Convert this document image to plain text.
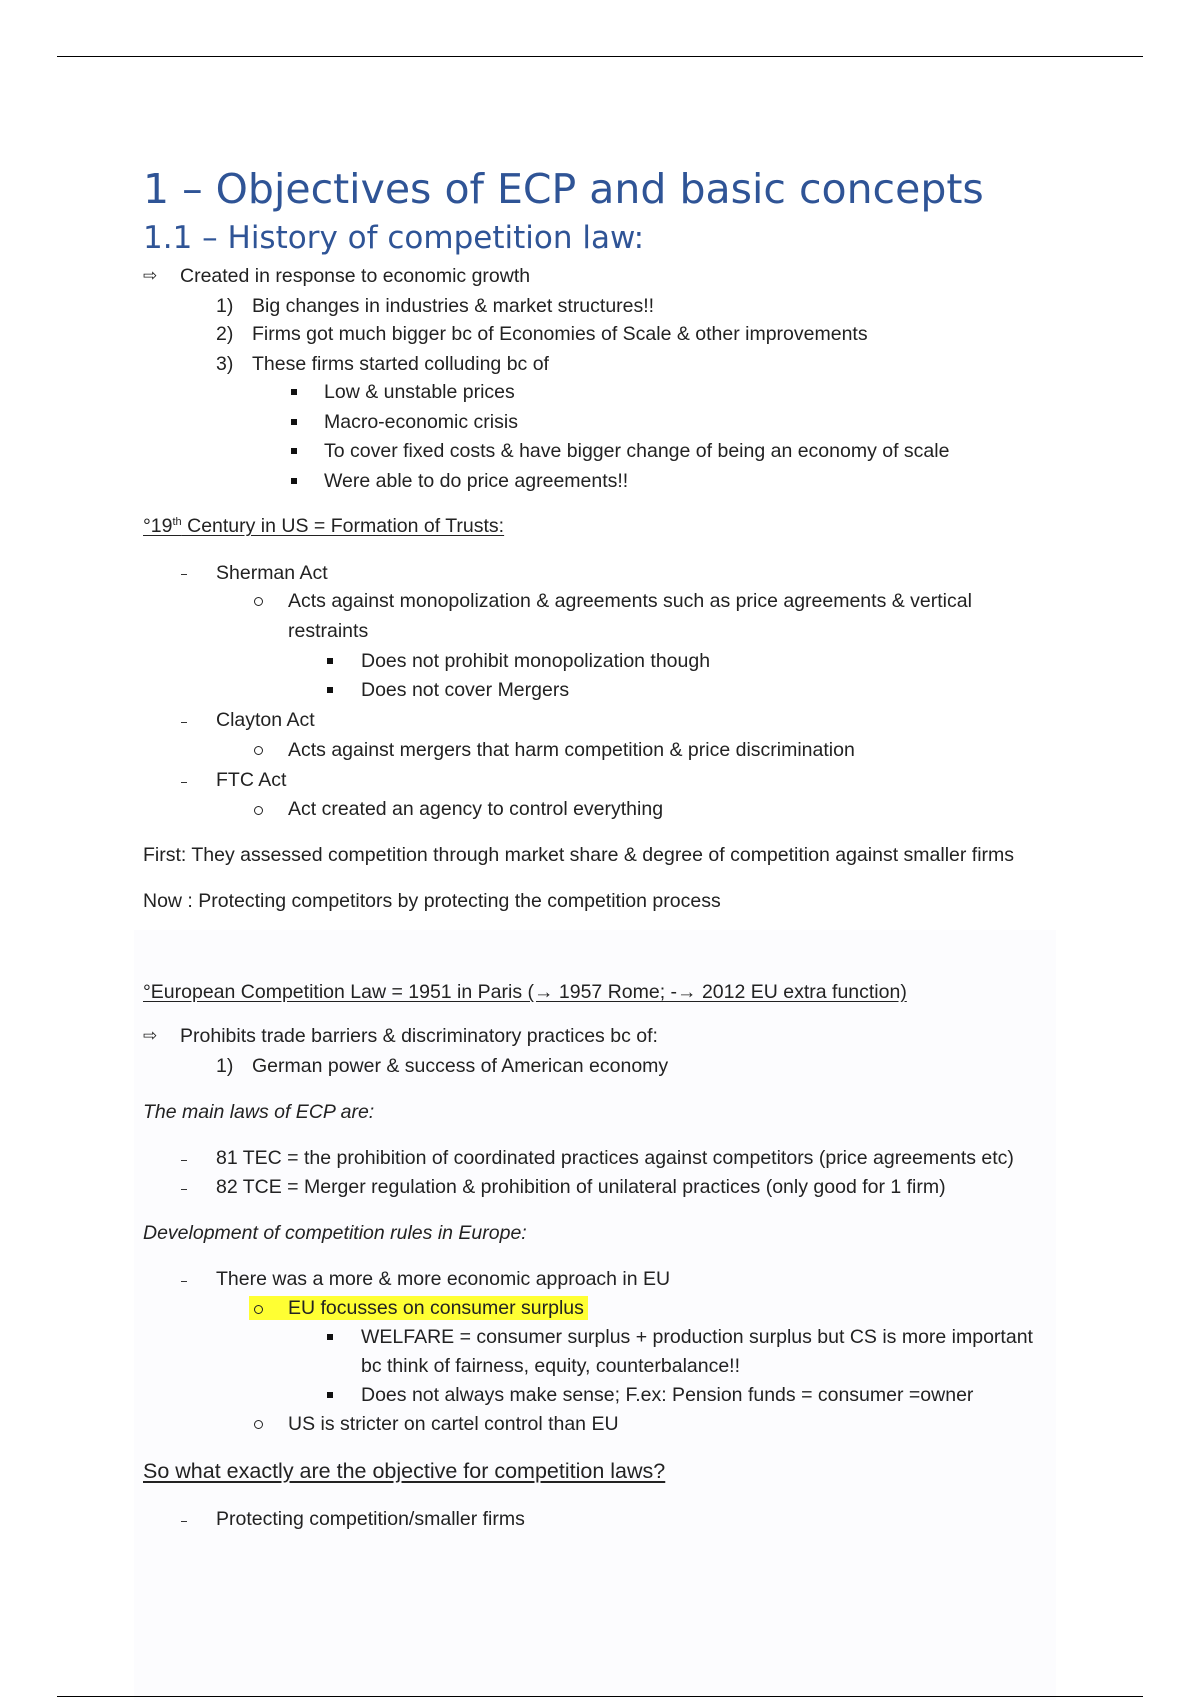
1 – Objectives of ECP and basic concepts
1.1 – History of competition law:
⇨ Created in response to economic growth
1) Big changes in industries & market structures!!
2) Firms got much bigger bc of Economies of Scale & other improvements
3) These firms started colluding bc of
Low & unstable prices
Macro-economic crisis
To cover fixed costs & have bigger change of being an economy of scale
Were able to do price agreements!!
°19th Century in US = Formation of Trusts:
Sherman Act
Acts against monopolization & agreements such as price agreements & vertical
restraints
Does not prohibit monopolization though
Does not cover Mergers
Clayton Act
Acts against mergers that harm competition & price discrimination
FTC Act
Act created an agency to control everything
First: They assessed competition through market share & degree of competition against smaller firms
Now : Protecting competitors by protecting the competition process
°European Competition Law = 1951 in Paris (→ 1957 Rome; -→ 2012 EU extra function)
⇨ Prohibits trade barriers & discriminatory practices bc of:
1) German power & success of American economy
The main laws of ECP are:
81 TEC = the prohibition of coordinated practices against competitors (price agreements etc)
82 TCE = Merger regulation & prohibition of unilateral practices (only good for 1 firm)
Development of competition rules in Europe:
There was a more & more economic approach in EU
EU focusses on consumer surplus
WELFARE = consumer surplus + production surplus but CS is more important
bc think of fairness, equity, counterbalance!!
Does not always make sense; F.ex: Pension funds = consumer =owner
US is stricter on cartel control than EU
So what exactly are the objective for competition laws?
Protecting competition/smaller firms
